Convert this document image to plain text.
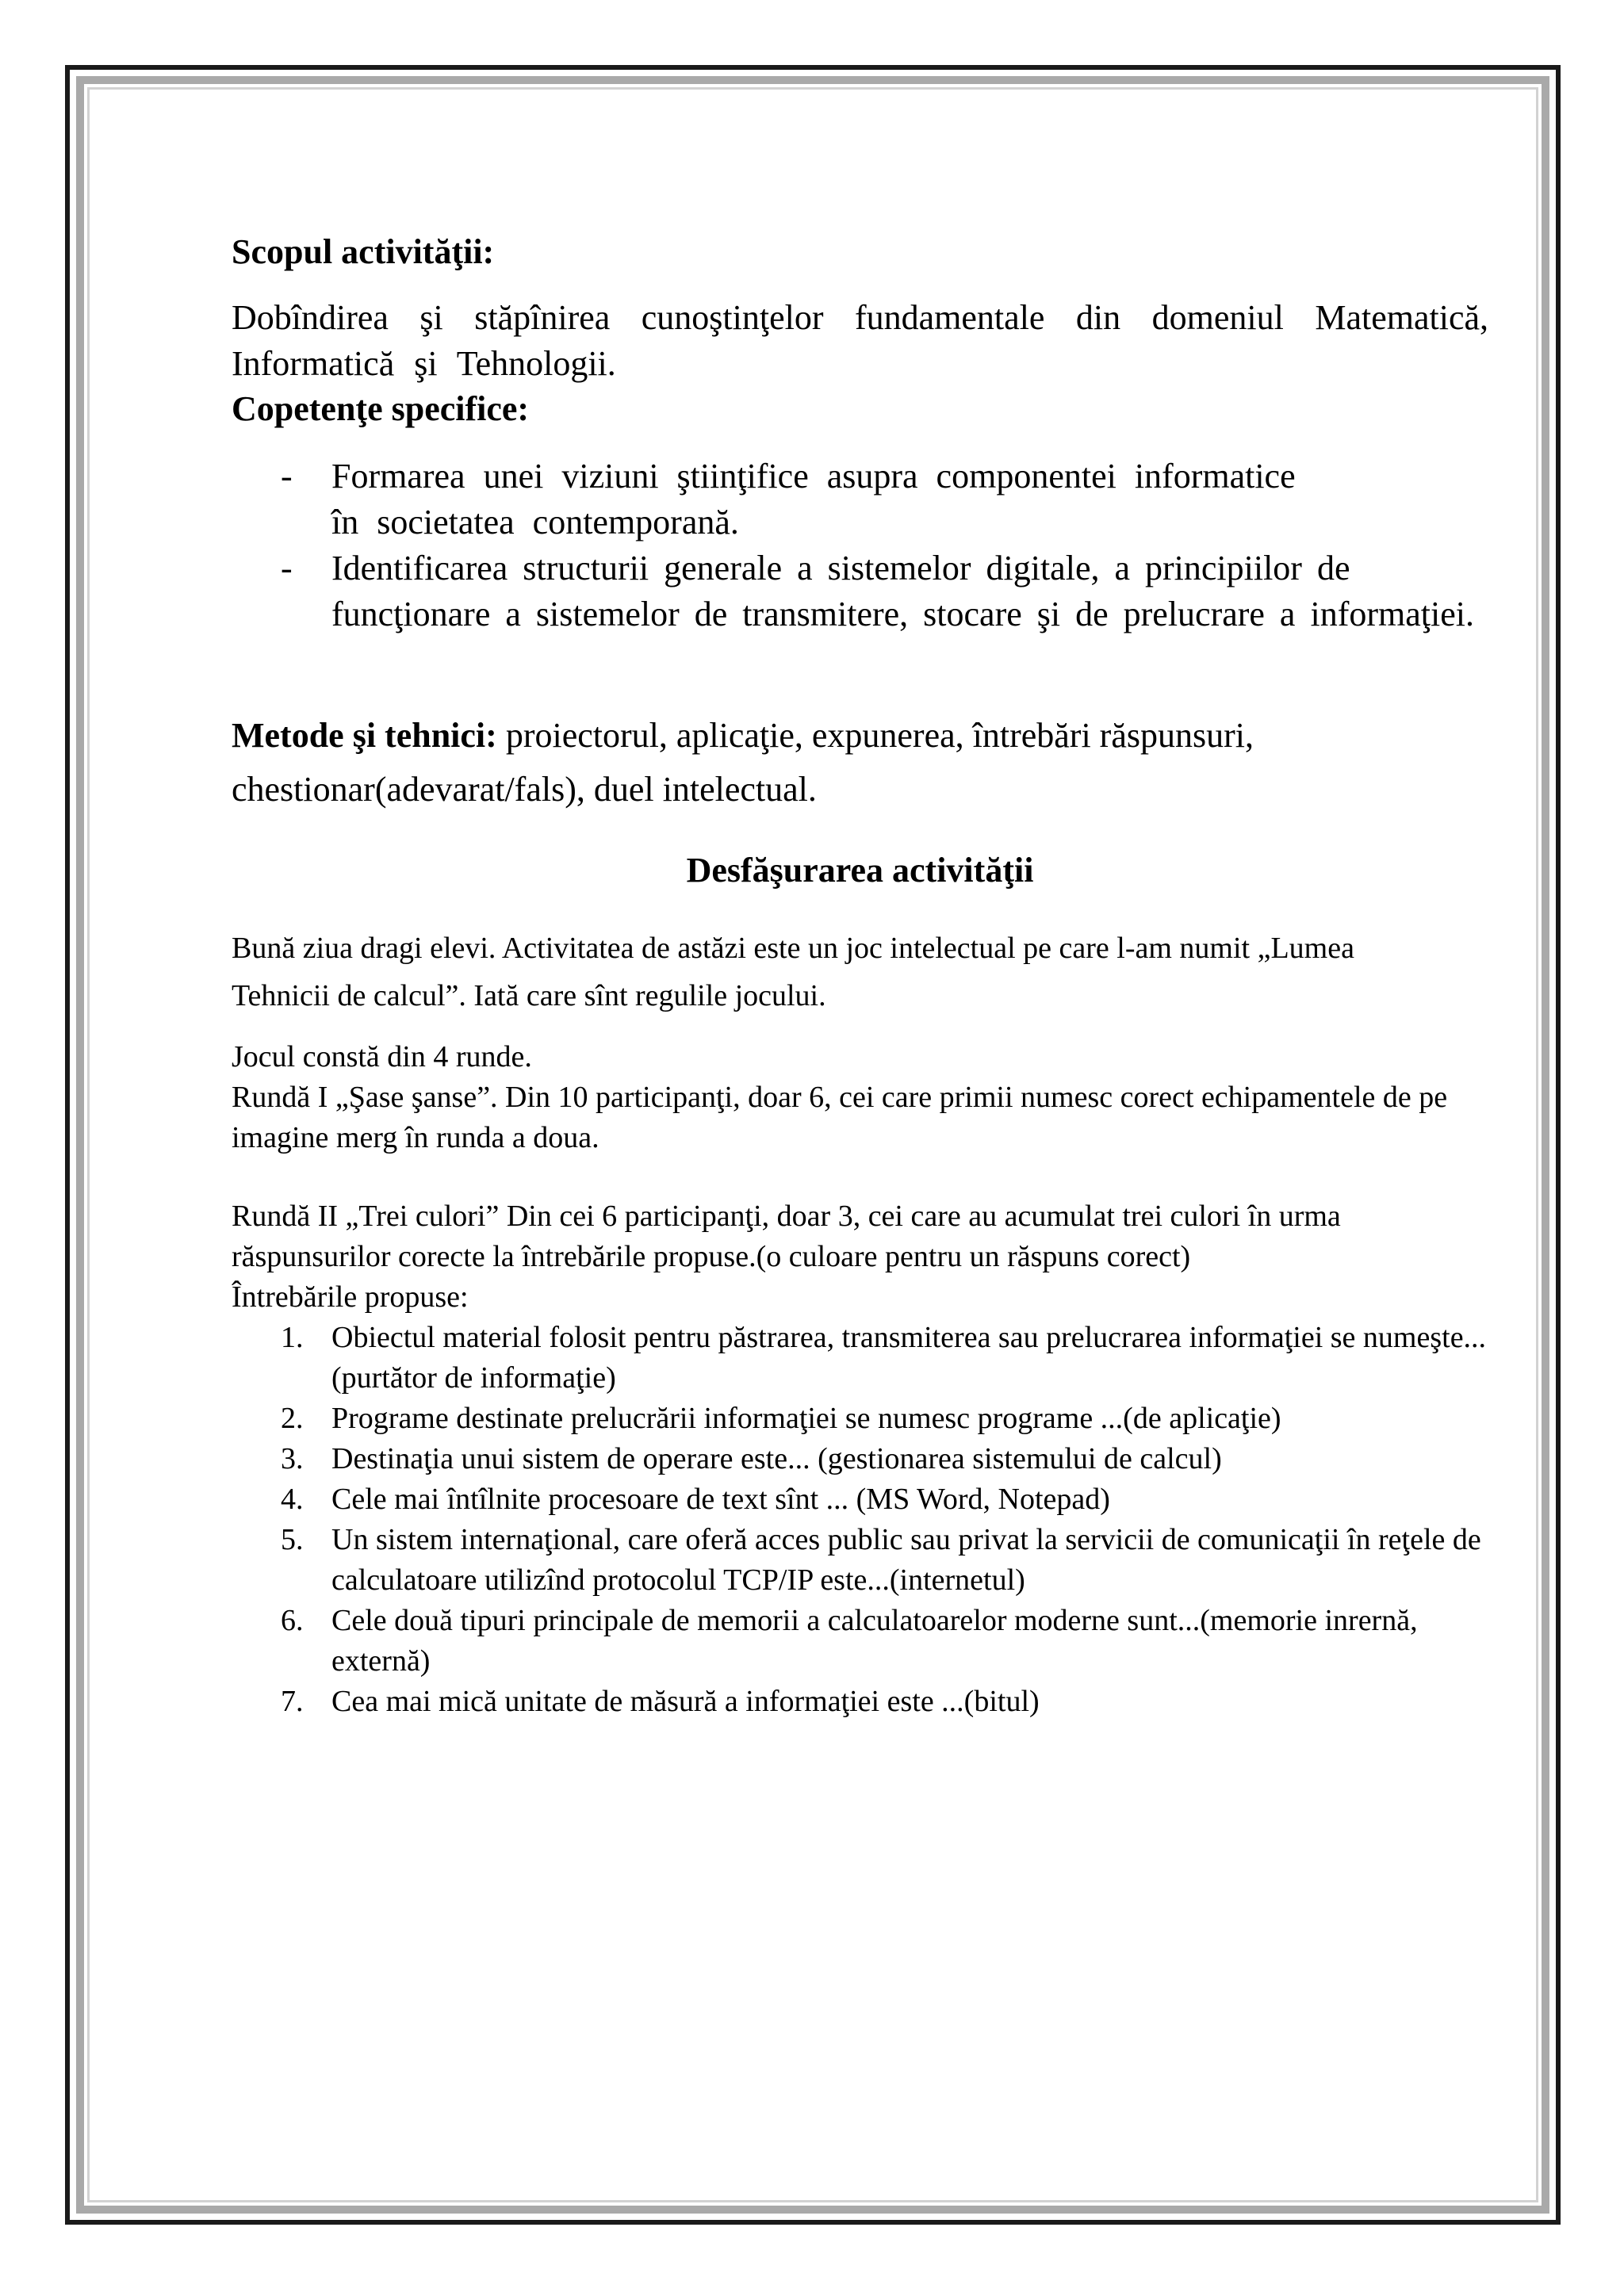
Scopul activităţii:

Dobîndirea şi stăpînirea cunoştinţelor fundamentale din domeniul Matematică, Informatică şi Tehnologii.

Copetenţe specifice:

- Formarea unei viziuni ştiinţifice asupra componentei informatice în societatea contemporană.
- Identificarea structurii generale a sistemelor digitale, a principiilor de funcţionare a sistemelor de transmitere, stocare şi de prelucrare a informaţiei.

Metode şi tehnici: proiectorul, aplicaţie, expunerea, întrebări răspunsuri, chestionar(adevarat/fals), duel intelectual.

Desfăşurarea activităţii

Bună ziua dragi elevi. Activitatea de astăzi este un joc intelectual pe care l-am numit „Lumea Tehnicii de calcul”. Iată care sînt regulile jocului.

Jocul constă din 4 runde.

Rundă I „Şase şanse”. Din 10 participanţi, doar 6, cei care primii numesc corect echipamentele de pe imagine merg în runda a doua.

Rundă II „Trei culori” Din cei 6 participanţi, doar 3, cei care au acumulat trei culori în urma răspunsurilor corecte la întrebările propuse.(o culoare pentru un răspuns corect)

Întrebările propuse:

1. Obiectul material folosit pentru păstrarea, transmiterea sau prelucrarea informaţiei se numeşte... (purtător de informaţie)
2. Programe destinate prelucrării informaţiei se numesc programe ...(de aplicaţie)
3. Destinaţia unui sistem de operare este... (gestionarea sistemului de calcul)
4. Cele mai întîlnite procesoare de text sînt ... (MS Word, Notepad)
5. Un sistem internaţional, care oferă acces public sau privat la servicii de comunicaţii în reţele de calculatoare utilizînd protocolul TCP/IP este...(internetul)
6. Cele două tipuri principale de memorii a calculatoarelor moderne sunt...(memorie inrernă, externă)
7. Cea mai mică unitate de măsură a informaţiei este ...(bitul)
